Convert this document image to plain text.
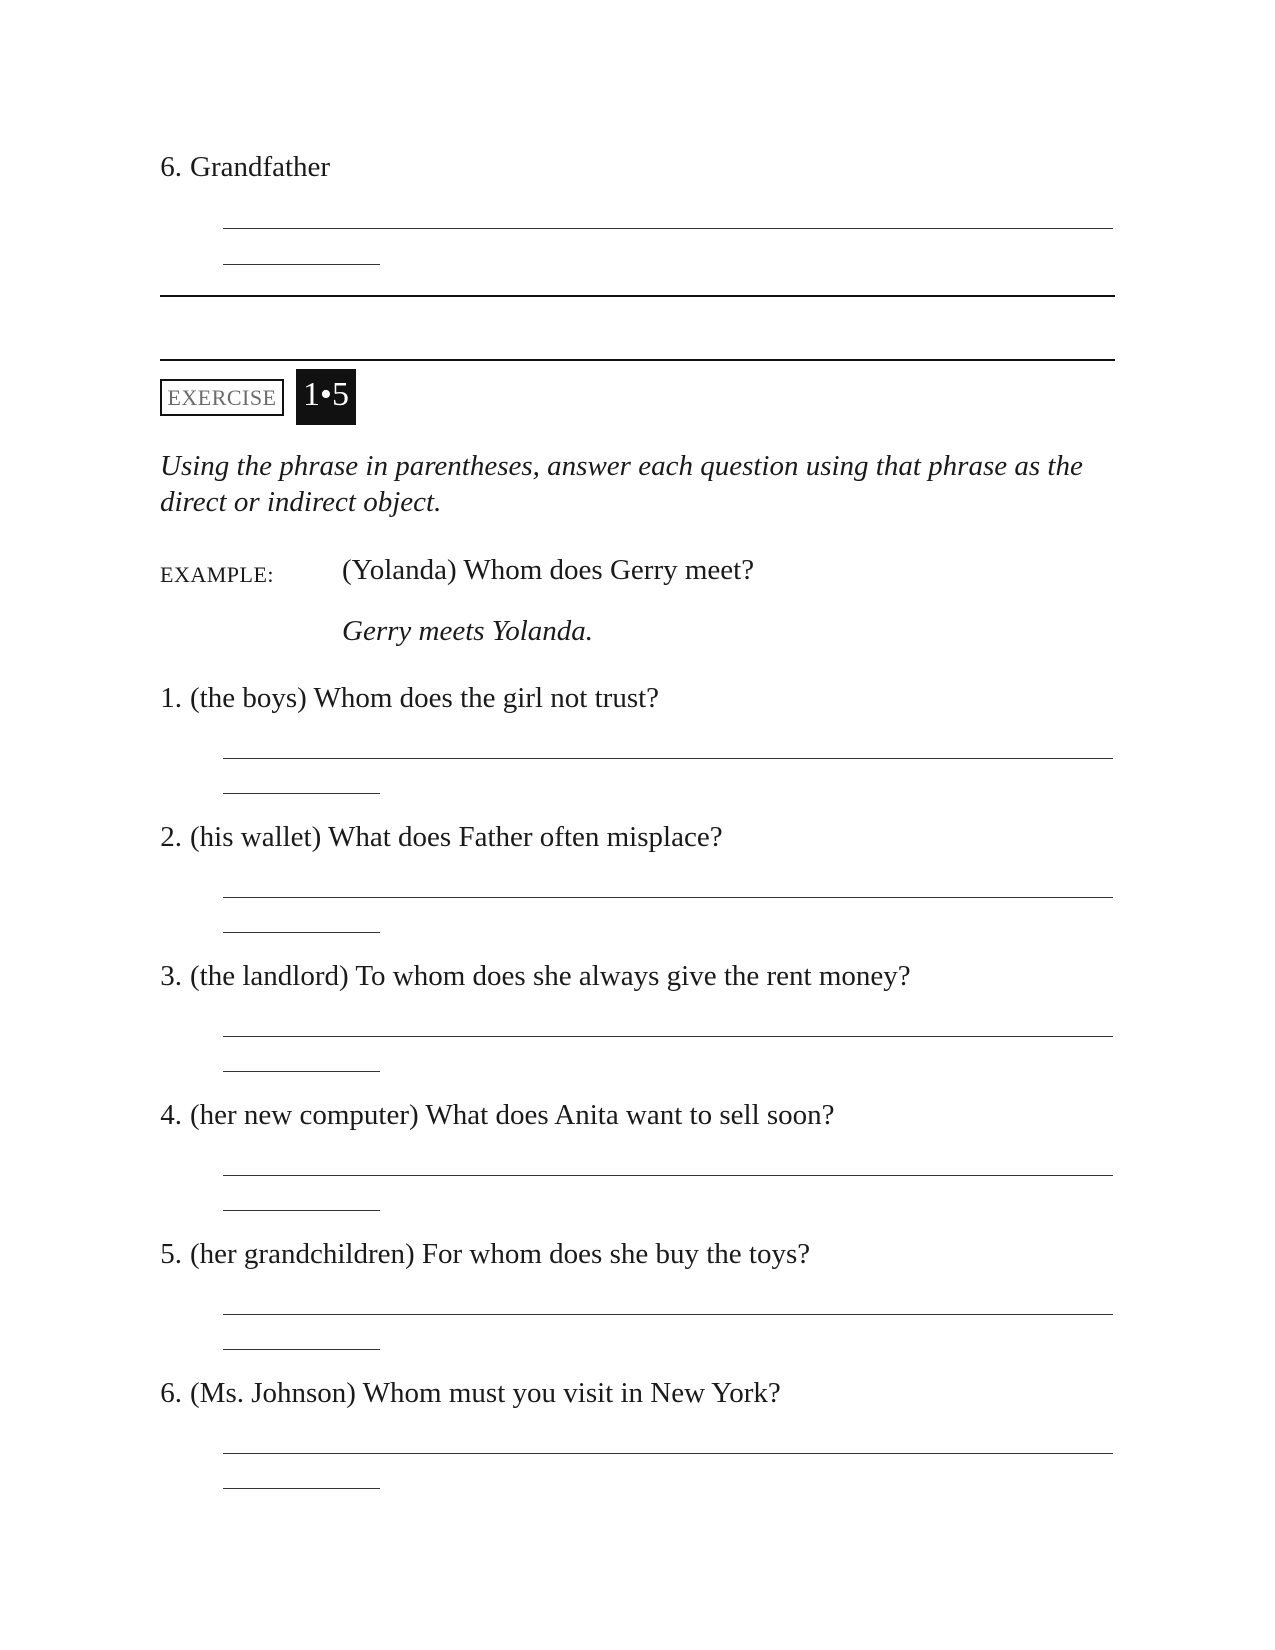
6. Grandfather
EXERCISE 1•5
Using the phrase in parentheses, answer each question using that phrase as the direct or indirect object.
EXAMPLE: (Yolanda) Whom does Gerry meet?
Gerry meets Yolanda.
1. (the boys) Whom does the girl not trust?
2. (his wallet) What does Father often misplace?
3. (the landlord) To whom does she always give the rent money?
4. (her new computer) What does Anita want to sell soon?
5. (her grandchildren) For whom does she buy the toys?
6. (Ms. Johnson) Whom must you visit in New York?
